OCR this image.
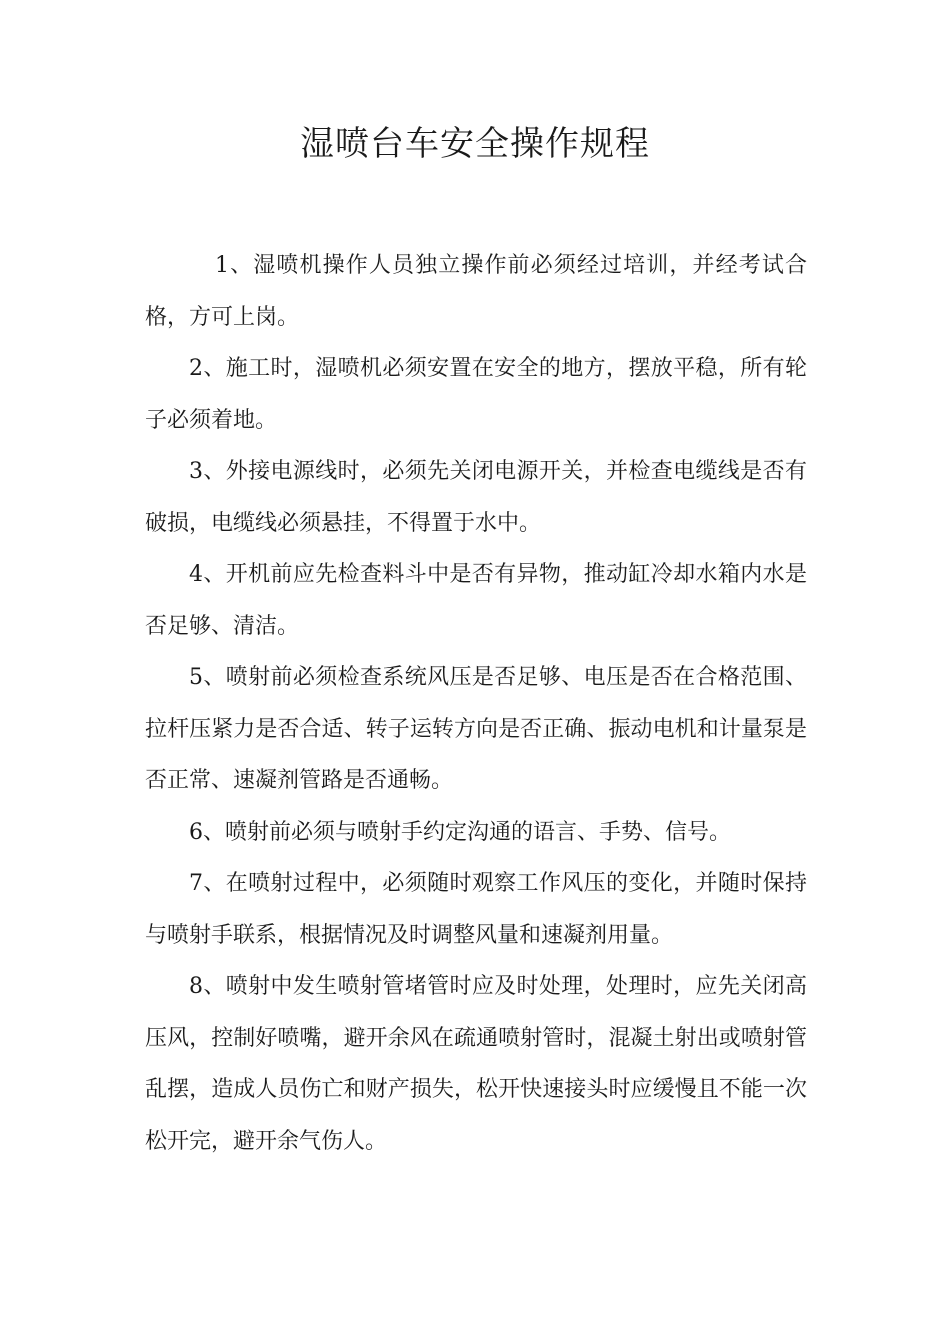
湿喷台车安全操作规程

1、湿喷机操作人员独立操作前必须经过培训，并经考试合格，方可上岗。

2、施工时，湿喷机必须安置在安全的地方，摆放平稳，所有轮子必须着地。

3、外接电源线时，必须先关闭电源开关，并检查电缆线是否有破损，电缆线必须悬挂，不得置于水中。

4、开机前应先检查料斗中是否有异物，推动缸冷却水箱内水是否足够、清洁。

5、喷射前必须检查系统风压是否足够、电压是否在合格范围、拉杆压紧力是否合适、转子运转方向是否正确、振动电机和计量泵是否正常、速凝剂管路是否通畅。

6、喷射前必须与喷射手约定沟通的语言、手势、信号。

7、在喷射过程中，必须随时观察工作风压的变化，并随时保持与喷射手联系，根据情况及时调整风量和速凝剂用量。

8、喷射中发生喷射管堵管时应及时处理，处理时，应先关闭高压风，控制好喷嘴，避开余风在疏通喷射管时，混凝土射出或喷射管乱摆，造成人员伤亡和财产损失，松开快速接头时应缓慢且不能一次松开完，避开余气伤人。
